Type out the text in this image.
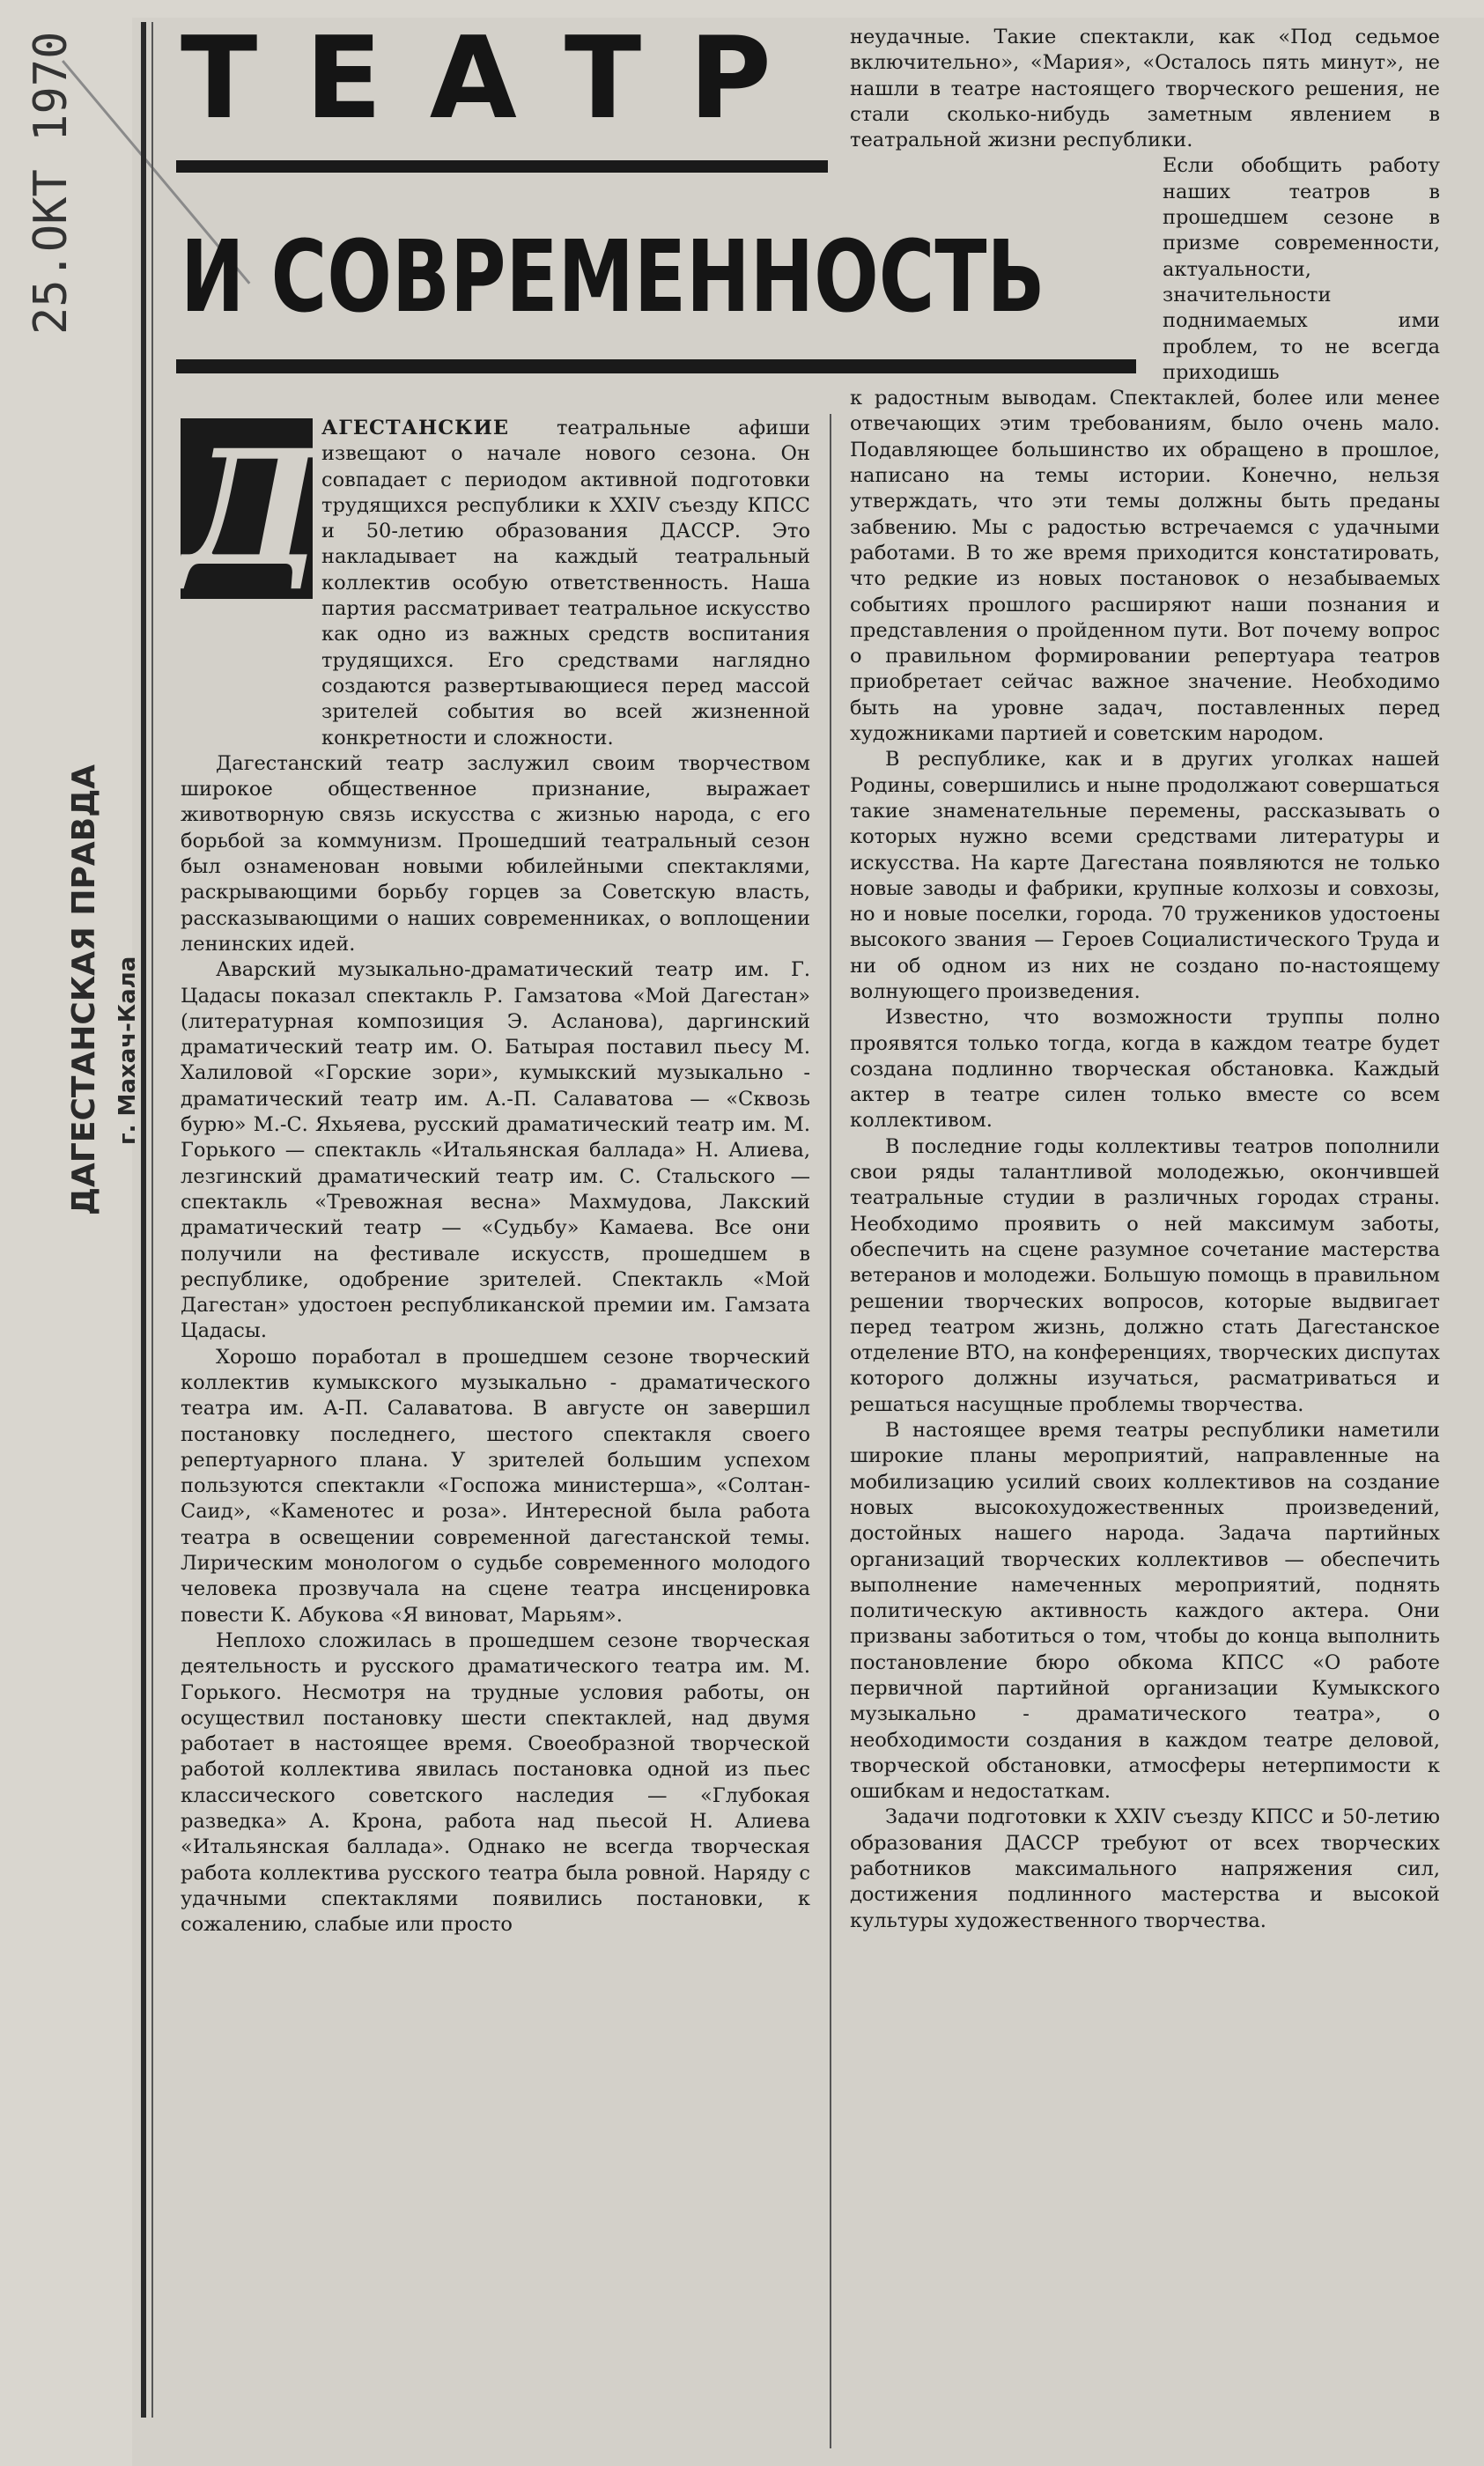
25.ОКТ 1970
ДАГЕСТАНСКАЯ ПРАВДА г. Махач-Кала
ТЕАТР
И СОВРЕМЕННОСТЬ
Д АГЕСТАНСКИЕ театральные афиши извещают о начале нового сезона. Он совпадает с периодом активной подготовки трудящихся республики к XXIV съезду КПСС и 50-летию образования ДАССР. Это накладывает на каждый театральный коллектив особую ответственность. Наша партия рассматривает театральное искусство как одно из важных средств воспитания трудящихся. Его средствами наглядно создаются развертывающиеся перед массой зрителей события во всей жизненной конкретности и сложности.

Дагестанский театр заслужил своим творчеством широкое общественное признание, выражает животворную связь искусства с жизнью народа, с его борьбой за коммунизм. Прошедший театральный сезон был ознаменован новыми юбилейными спектаклями, раскрывающими борьбу горцев за Советскую власть, рассказывающими о наших современниках, о воплощении ленинских идей.

Аварский музыкально-драматический театр им. Г. Цадасы показал спектакль Р. Гамзатова «Мой Дагестан» (литературная композиция Э. Асланова), даргинский драматический театр им. О. Батырая поставил пьесу М. Халиловой «Горские зори», кумыкский музыкально - драматический театр им. А.-П. Салаватова — «Сквозь бурю» М.-С. Яхьяева, русский драматический театр им. М. Горького — спектакль «Итальянская баллада» Н. Алиева, лезгинский драматический театр им. С. Стальского — спектакль «Тревожная весна» Махмудова, Лакский драматический театр — «Судьбу» Камаева. Все они получили на фестивале искусств, прошедшем в республике, одобрение зрителей. Спектакль «Мой Дагестан» удостоен республиканской премии им. Гамзата Цадасы.

Хорошо поработал в прошедшем сезоне творческий коллектив кумыкского музыкально - драматического театра им. А-П. Салаватова. В августе он завершил постановку последнего, шестого спектакля своего репертуарного плана. У зрителей большим успехом пользуются спектакли «Госпожа министерша», «Солтан-Саид», «Каменотес и роза». Интересной была работа театра в освещении современной дагестанской темы. Лирическим монологом о судьбе современного молодого человека прозвучала на сцене театра инсценировка повести К. Абукова «Я виноват, Марьям».

Неплохо сложилась в прошедшем сезоне творческая деятельность и русского драматического театра им. М. Горького. Несмотря на трудные условия работы, он осуществил постановку шести спектаклей, над двумя работает в настоящее время. Своеобразной творческой работой коллектива явилась постановка одной из пьес классического советского наследия — «Глубокая разведка» А. Крона, работа над пьесой Н. Алиева «Итальянская баллада». Однако не всегда творческая работа коллектива русского театра была ровной. Наряду с удачными спектаклями появились постановки, к сожалению, слабые или просто

неудачные. Такие спектакли, как «Под седьмое включительно», «Мария», «Осталось пять минут», не нашли в театре настоящего творческого решения, не стали сколько-нибудь заметным явлением в театральной жизни республики.

Если обобщить работу наших театров в прошедшем сезоне в призме современности, актуальности, значительности поднимаемых ими проблем, то не всегда приходишь

к радостным выводам. Спектаклей, более или менее отвечающих этим требованиям, было очень мало. Подавляющее большинство их обращено в прошлое, написано на темы истории. Конечно, нельзя утверждать, что эти темы должны быть преданы забвению. Мы с радостью встречаемся с удачными работами. В то же время приходится констатировать, что редкие из новых постановок о незабываемых событиях прошлого расширяют наши познания и представления о пройденном пути. Вот почему вопрос о правильном формировании репертуара театров приобретает сейчас важное значение. Необходимо быть на уровне задач, поставленных перед художниками партией и советским народом.

В республике, как и в других уголках нашей Родины, совершились и ныне продолжают совершаться такие знаменательные перемены, рассказывать о которых нужно всеми средствами литературы и искусства. На карте Дагестана появляются не только новые заводы и фабрики, крупные колхозы и совхозы, но и новые поселки, города. 70 тружеников удостоены высокого звания — Героев Социалистического Труда и ни об одном из них не создано по-настоящему волнующего произведения.

Известно, что возможности труппы полно проявятся только тогда, когда в каждом театре будет создана подлинно творческая обстановка. Каждый актер в театре силен только вместе со всем коллективом.

В последние годы коллективы театров пополнили свои ряды талантливой молодежью, окончившей театральные студии в различных городах страны. Необходимо проявить о ней максимум заботы, обеспечить на сцене разумное сочетание мастерства ветеранов и молодежи. Большую помощь в правильном решении творческих вопросов, которые выдвигает перед театром жизнь, должно стать Дагестанское отделение ВТО, на конференциях, творческих диспутах которого должны изучаться, расматриваться и решаться насущные проблемы творчества.

В настоящее время театры республики наметили широкие планы мероприятий, направленные на мобилизацию усилий своих коллективов на создание новых высокохудожественных произведений, достойных нашего народа. Задача партийных организаций творческих коллективов — обеспечить выполнение намеченных мероприятий, поднять политическую активность каждого актера. Они призваны заботиться о том, чтобы до конца выполнить постановление бюро обкома КПСС «О работе первичной партийной организации Кумыкского музыкально - драматического театра», о необходимости создания в каждом театре деловой, творческой обстановки, атмосферы нетерпимости к ошибкам и недостаткам.

Задачи подготовки к XXIV съезду КПСС и 50-летию образования ДАССР требуют от всех творческих работников максимального напряжения сил, достижения подлинного мастерства и высокой культуры художественного творчества.
